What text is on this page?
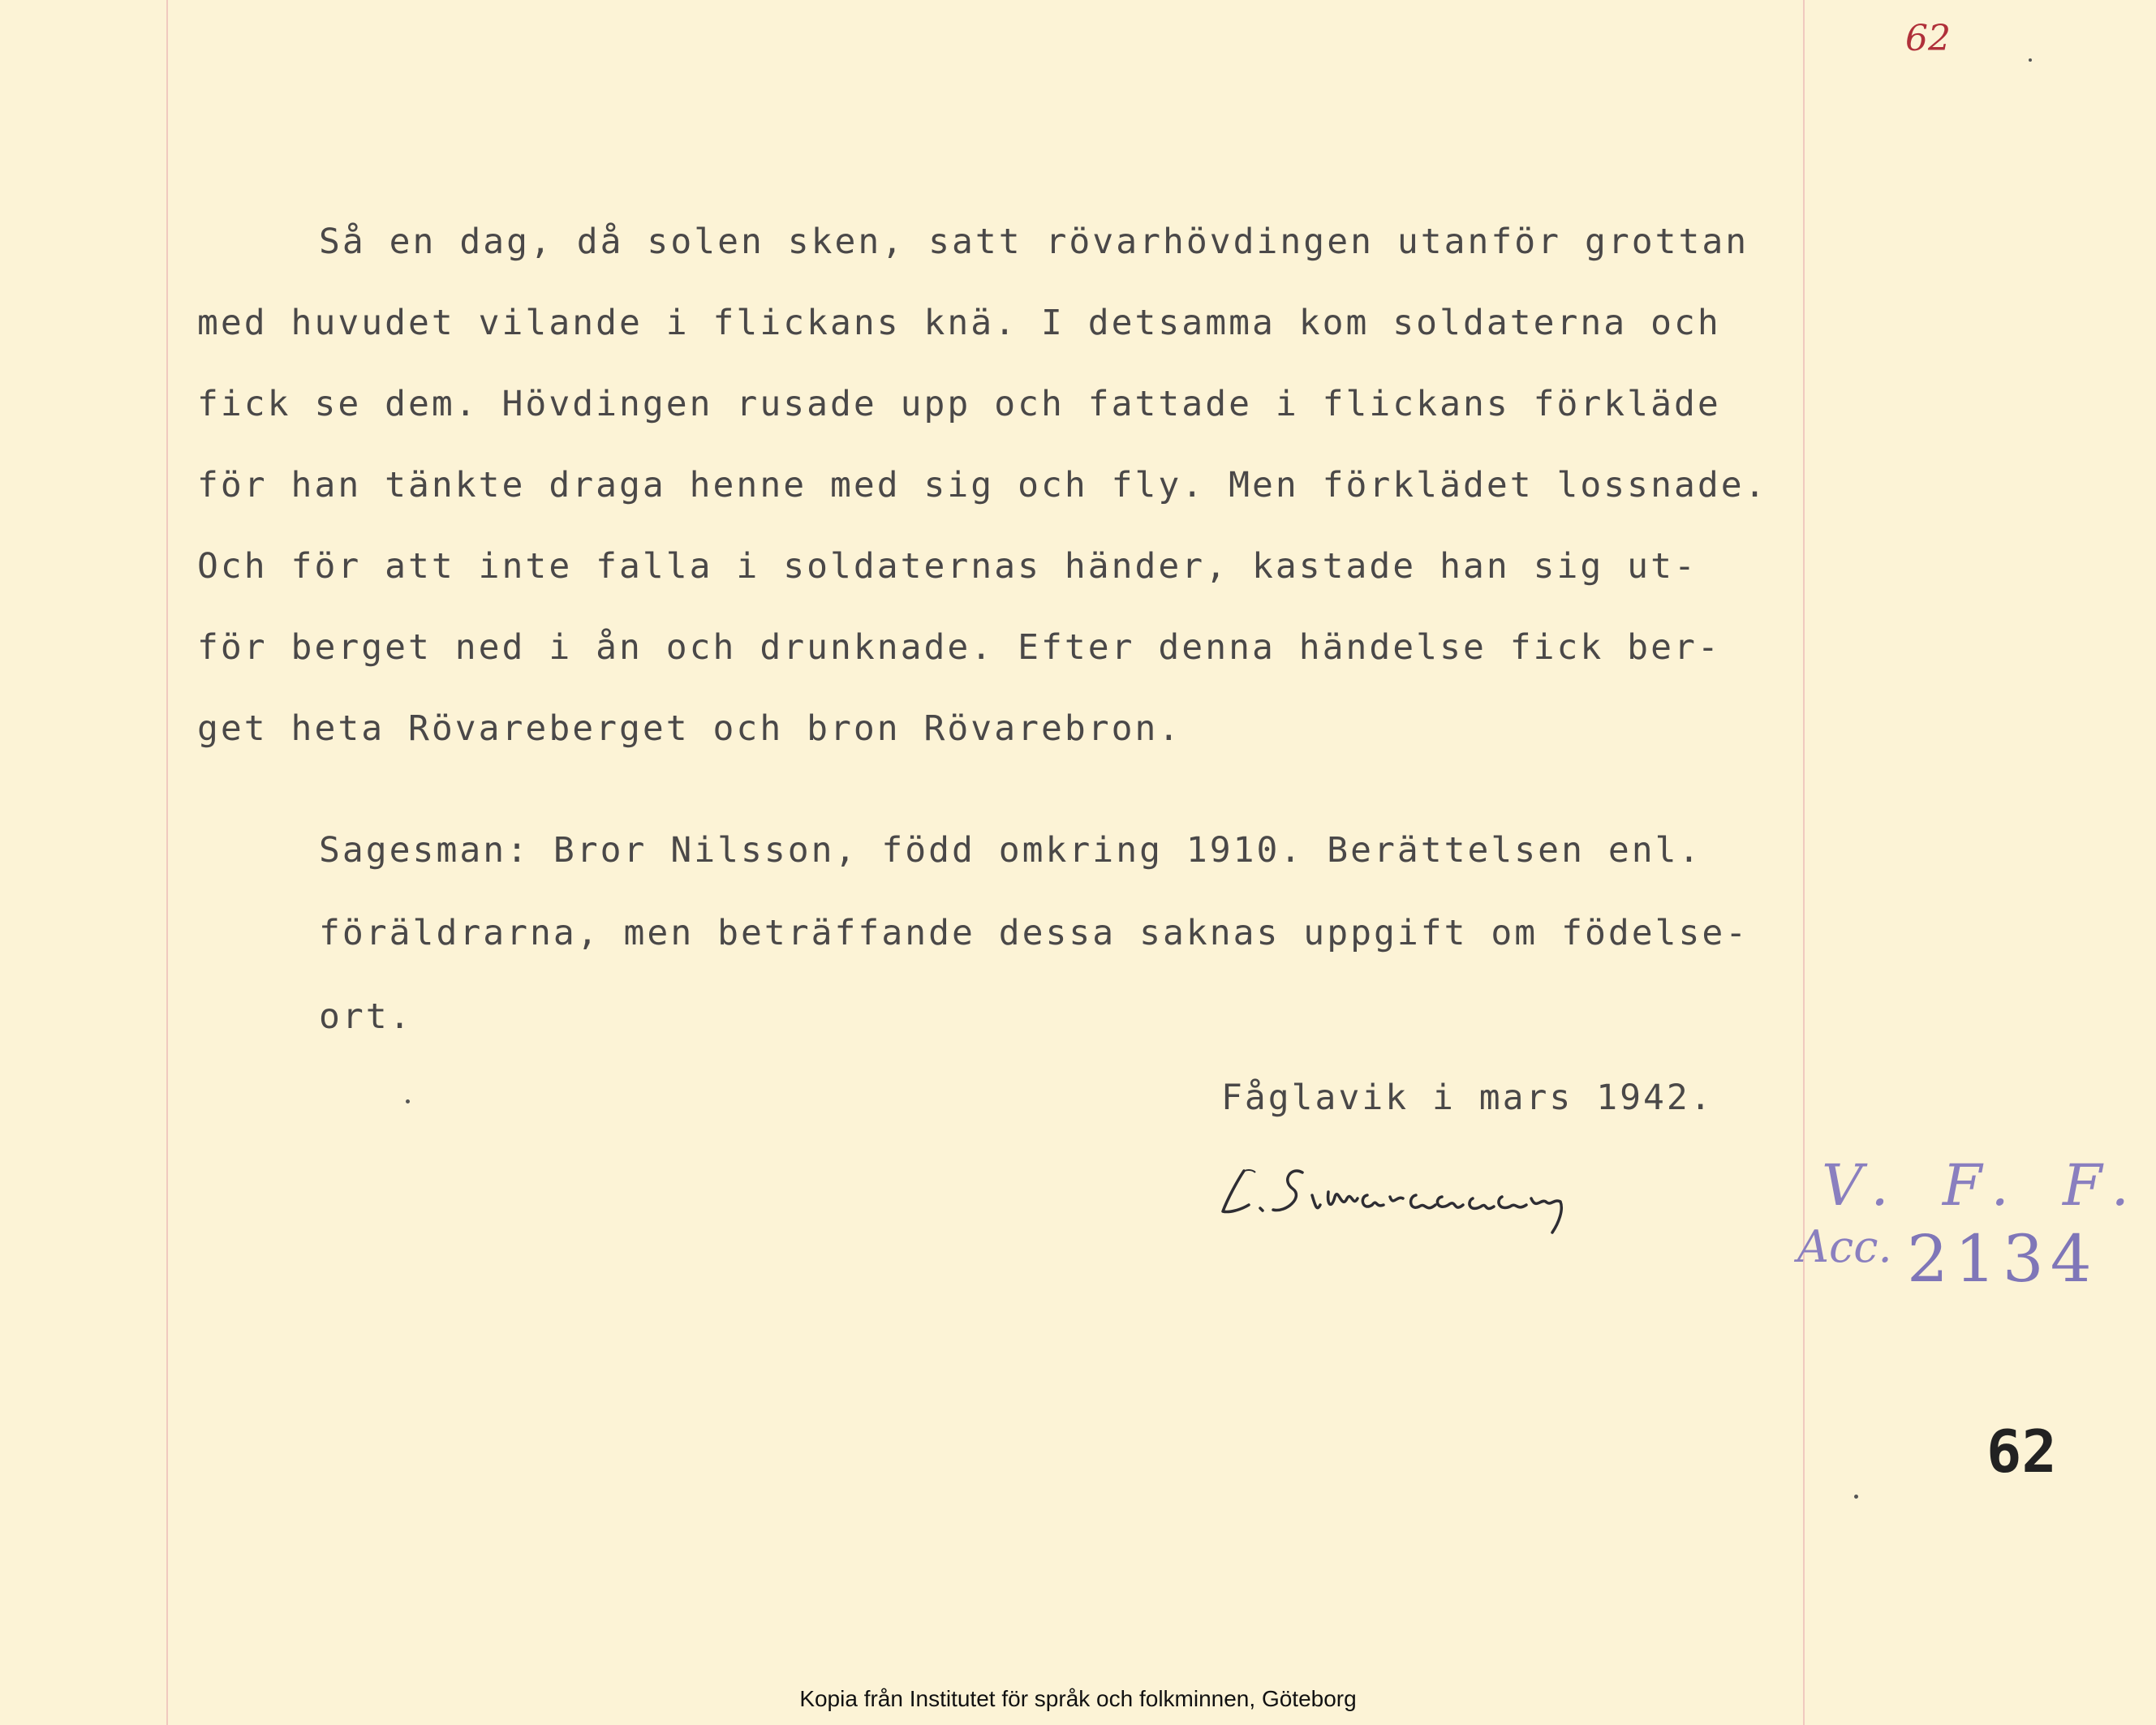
62
Så en dag, då solen sken, satt rövarhövdingen utanför grottan
med huvudet vilande i flickans knä. I detsamma kom soldaterna och
fick se dem. Hövdingen rusade upp och fattade i flickans förkläde
för han tänkte draga henne med sig och fly. Men förklädet lossnade.
Och för att inte falla i soldaternas händer, kastade han sig ut-
för berget ned i ån och drunknade. Efter denna händelse fick ber-
get heta Rövareberget och bron Rövarebron.
Sagesman: Bror Nilsson, född omkring 1910. Berättelsen enl.
föräldrarna, men beträffande dessa saknas uppgift om födelse-
ort.
Fåglavik i mars 1942.
V. F. F.
Acc. 2134
62
Kopia från Institutet för språk och folkminnen, Göteborg
